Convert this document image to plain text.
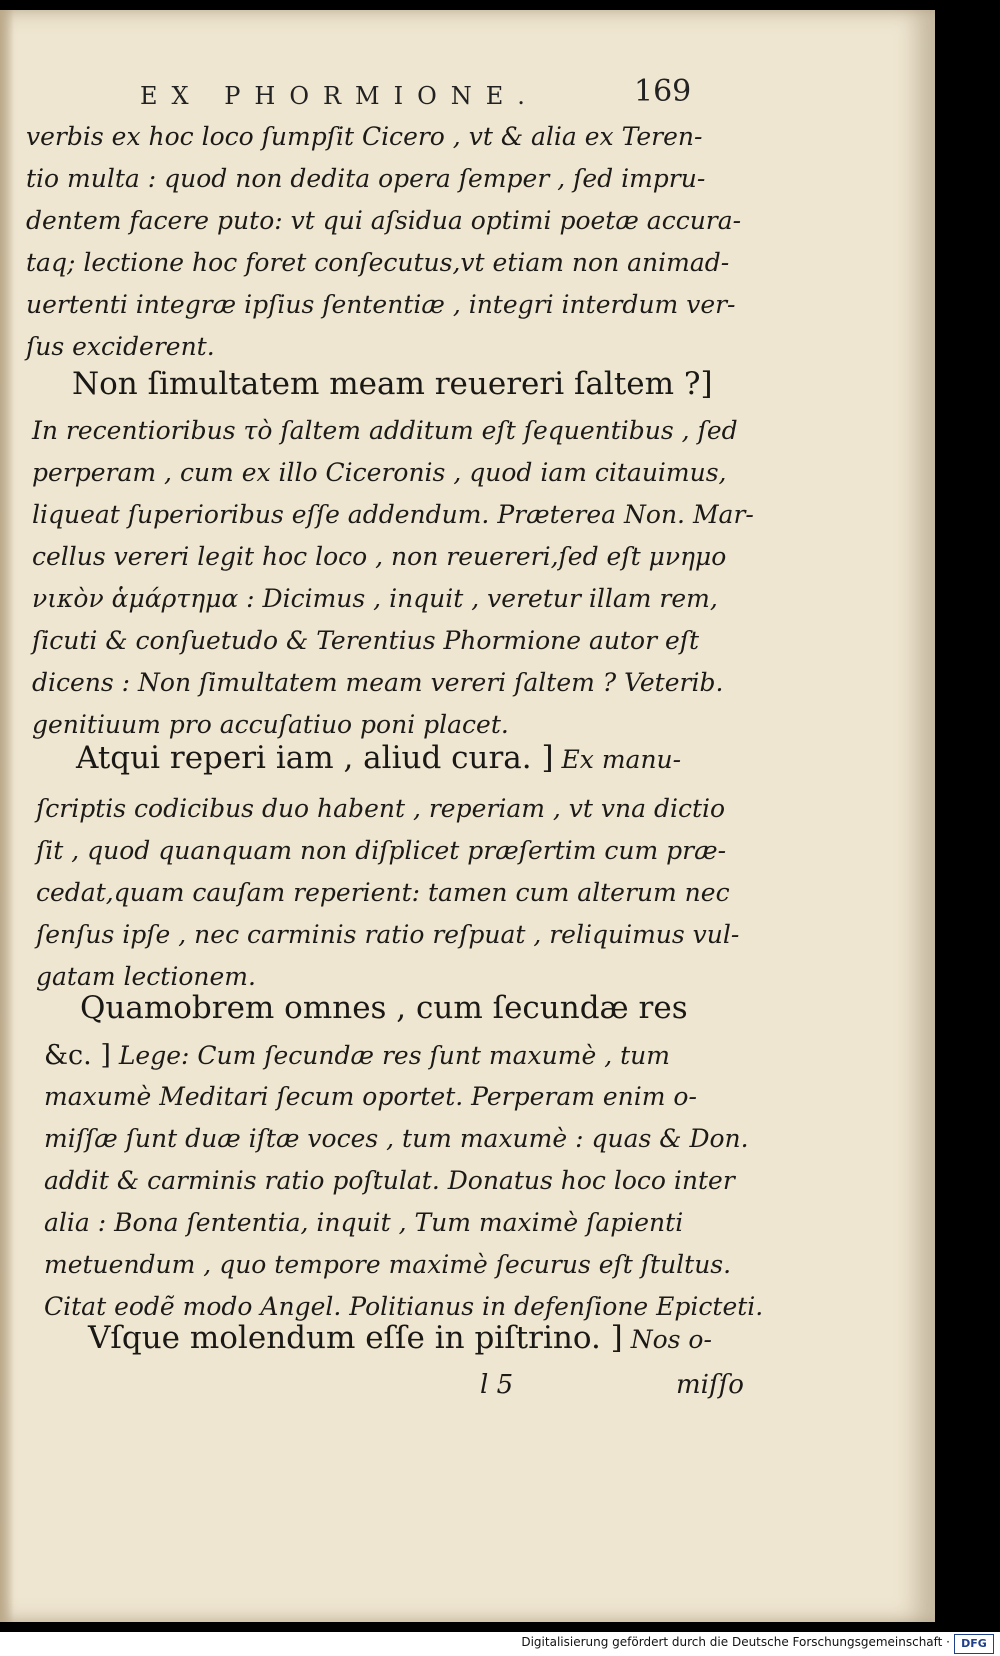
EX PHORMIONE.	169
verbis ex hoc loco ſumpſit Cicero , vt & alia ex Teren-
tio multa : quod non dedita opera ſemper , ſed impru-
dentem facere puto: vt qui aſsidua optimi poetæ accura-
taq; lectione hoc foret conſecutus,vt etiam non animad-
uertenti integræ ipſius ſententiæ , integri interdum ver-
ſus exciderent.
Non ſimultatem meam reuereri ſaltem ?]
In recentioribus τὸ ſaltem additum eſt ſequentibus , ſed
perperam , cum ex illo Ciceronis , quod iam citauimus,
liqueat ſuperioribus eſſe addendum. Præterea Non. Mar-
cellus vereri legit hoc loco , non reuereri,ſed eſt μνημο
νικὸν ἁμάρτημα : Dicimus , inquit , veretur illam rem,
ſicuti & conſuetudo & Terentius Phormione autor eſt
dicens : Non ſimultatem meam vereri ſaltem ? Veterib.
genitiuum pro accuſatiuo poni placet.
Atqui reperi iam , aliud cura. ] Ex manu-
ſcriptis codicibus duo habent , reperiam , vt vna dictio
ſit , quod quanquam non diſplicet præſertim cum præ-
cedat,quam cauſam reperient: tamen cum alterum nec
ſenſus ipſe , nec carminis ratio reſpuat , reliquimus vul-
gatam lectionem.
Quamobrem omnes , cum ſecundæ res
&c. ] Lege: Cum ſecundæ res ſunt maxumè , tum
maxumè Meditari ſecum oportet. Perperam enim o-
miſſæ ſunt duæ iſtæ voces , tum maxumè : quas & Don.
addit & carminis ratio poſtulat. Donatus hoc loco inter
alia : Bona ſententia, inquit , Tum maximè ſapienti
metuendum , quo tempore maximè ſecurus eſt ſtultus.
Citat eodẽ modo Angel. Politianus in defenſione Epicteti.
Vſque molendum eſſe in piſtrino. ] Nos o-
l 5	miſſo
Digitalisierung gefördert durch die Deutsche Forschungsgemeinschaft ·	DFG
